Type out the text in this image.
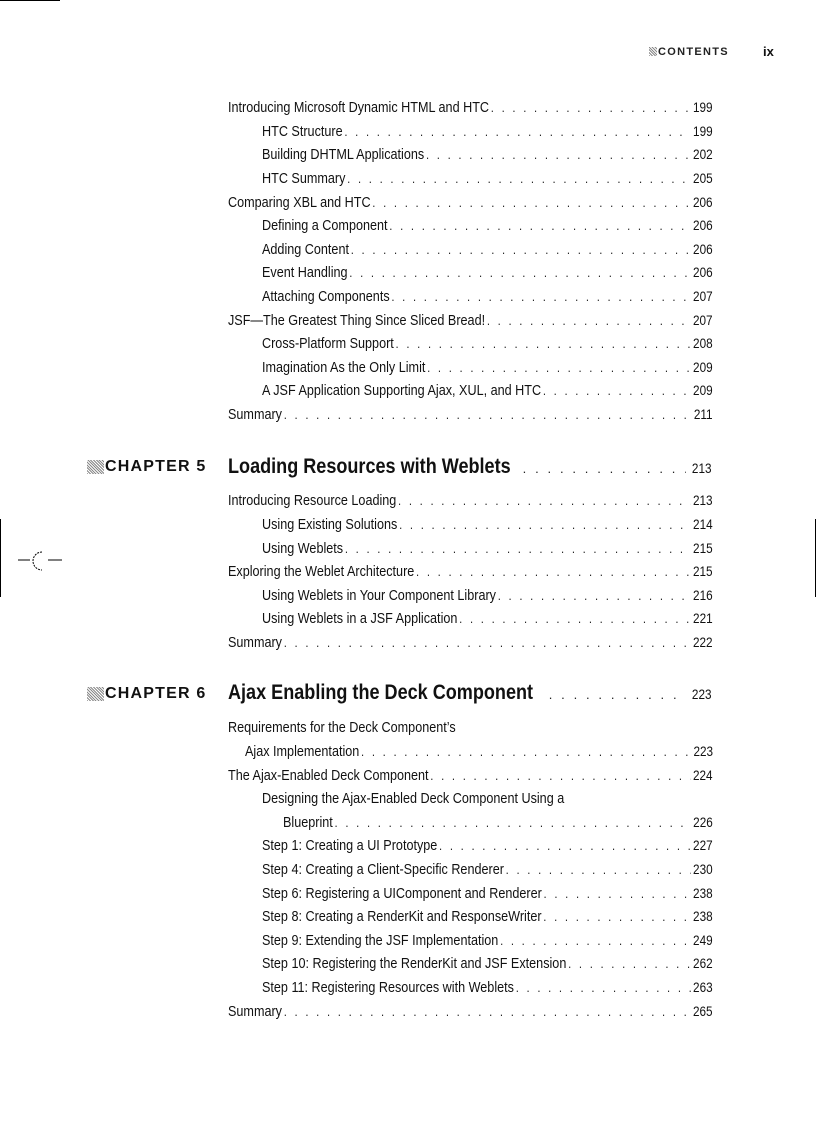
CONTENTS	ix
Introducing Microsoft Dynamic HTML and HTC . . .	199
HTC Structure . . .	199
Building DHTML Applications . . .	202
HTC Summary . . .	205
Comparing XBL and HTC . . .	206
Defining a Component . . .	206
Adding Content . . .	206
Event Handling . . .	206
Attaching Components . . .	207
JSF—The Greatest Thing Since Sliced Bread! . . .	207
Cross-Platform Support . . .	208
Imagination As the Only Limit . . .	209
A JSF Application Supporting Ajax, XUL, and HTC . . .	209
Summary . . .	211
CHAPTER 5 Loading Resources with Weblets . . .	213
Introducing Resource Loading . . .	213
Using Existing Solutions . . .	214
Using Weblets . . .	215
Exploring the Weblet Architecture . . .	215
Using Weblets in Your Component Library . . .	216
Using Weblets in a JSF Application . . .	221
Summary . . .	222
CHAPTER 6 Ajax Enabling the Deck Component . . .	223
Requirements for the Deck Component’s
Ajax Implementation . . .	223
The Ajax-Enabled Deck Component . . .	224
Designing the Ajax-Enabled Deck Component Using a
Blueprint . . .	226
Step 1: Creating a UI Prototype . . .	227
Step 4: Creating a Client-Specific Renderer . . .	230
Step 6: Registering a UIComponent and Renderer . . .	238
Step 8: Creating a RenderKit and ResponseWriter . . .	238
Step 9: Extending the JSF Implementation . . .	249
Step 10: Registering the RenderKit and JSF Extension . . .	262
Step 11: Registering Resources with Weblets . . .	263
Summary . . .	265
